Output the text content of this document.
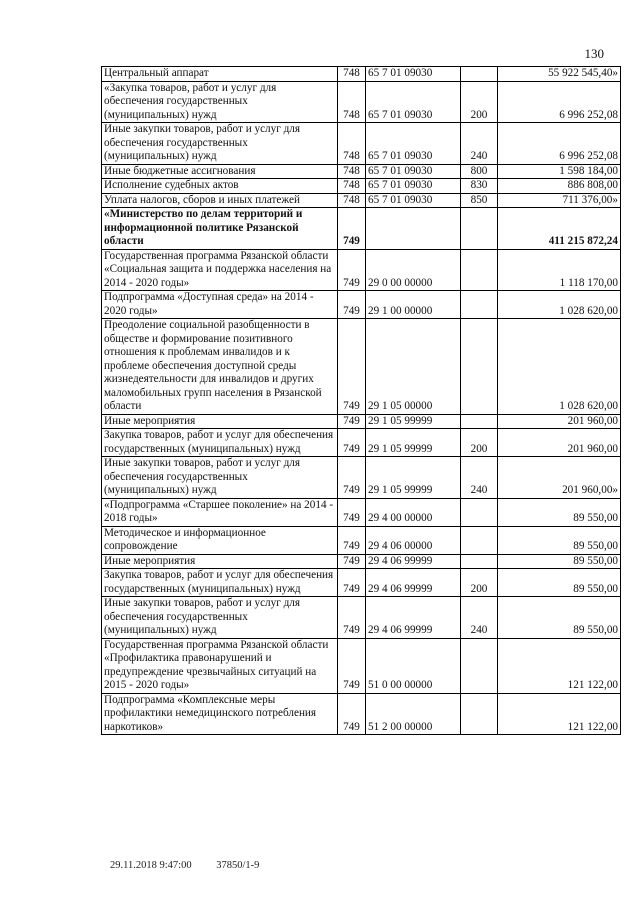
130
Центральный аппарат	748	65 7 01 09030		55 922 545,40»
«Закупка товаров, работ и услуг для обеспечения государственных (муниципальных) нужд	748	65 7 01 09030	200	6 996 252,08
Иные закупки товаров, работ и услуг для обеспечения государственных (муниципальных) нужд	748	65 7 01 09030	240	6 996 252,08
Иные бюджетные ассигнования	748	65 7 01 09030	800	1 598 184,00
Исполнение судебных актов	748	65 7 01 09030	830	886 808,00
Уплата налогов, сборов и иных платежей	748	65 7 01 09030	850	711 376,00»
«Министерство по делам территорий и информационной политике Рязанской области	749			411 215 872,24
Государственная программа Рязанской области «Социальная защита и поддержка населения на 2014 - 2020 годы»	749	29 0 00 00000		1 118 170,00
Подпрограмма «Доступная среда» на 2014 - 2020 годы»	749	29 1 00 00000		1 028 620,00
Преодоление социальной разобщенности в обществе и формирование позитивного отношения к проблемам инвалидов и к проблеме обеспечения доступной среды жизнедеятельности для инвалидов и других маломобильных групп населения в Рязанской области	749	29 1 05 00000		1 028 620,00
Иные мероприятия	749	29 1 05 99999		201 960,00
Закупка товаров, работ и услуг для обеспечения государственных (муниципальных) нужд	749	29 1 05 99999	200	201 960,00
Иные закупки товаров, работ и услуг для обеспечения государственных (муниципальных) нужд	749	29 1 05 99999	240	201 960,00»
«Подпрограмма «Старшее поколение» на 2014 - 2018 годы»	749	29 4 00 00000		89 550,00
Методическое и информационное сопровождение	749	29 4 06 00000		89 550,00
Иные мероприятия	749	29 4 06 99999		89 550,00
Закупка товаров, работ и услуг для обеспечения государственных (муниципальных) нужд	749	29 4 06 99999	200	89 550,00
Иные закупки товаров, работ и услуг для обеспечения государственных (муниципальных) нужд	749	29 4 06 99999	240	89 550,00
Государственная программа Рязанской области «Профилактика правонарушений и предупреждение чрезвычайных ситуаций на 2015 - 2020 годы»	749	51 0 00 00000		121 122,00
Подпрограмма «Комплексные меры профилактики немедицинского потребления наркотиков»	749	51 2 00 00000		121 122,00
29.11.2018 9:47:00 37850/1-9
